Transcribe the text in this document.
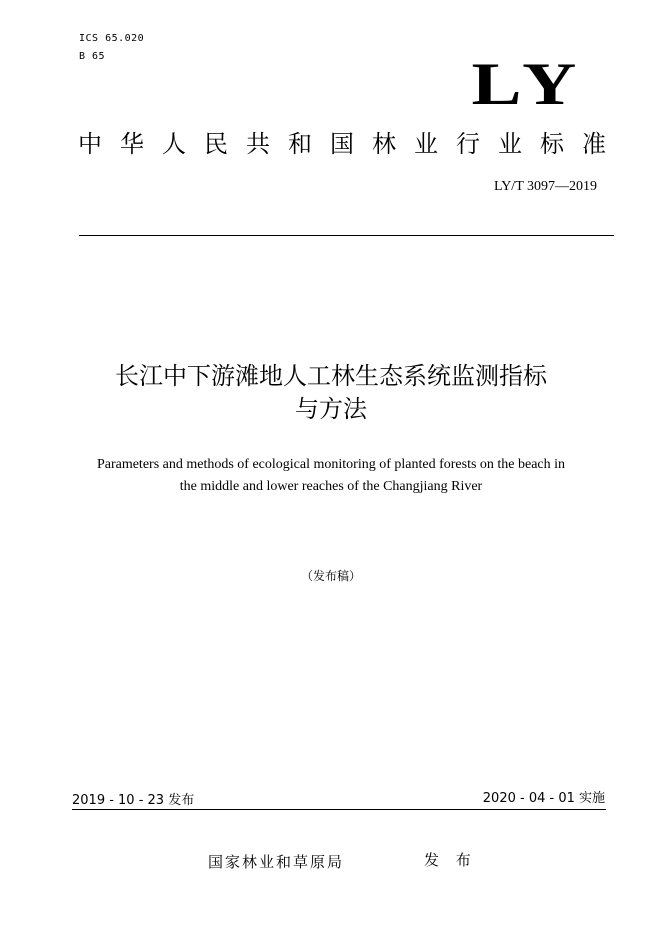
ICS 65.020
B 65	LY
中华人民共和国林业行业标准
LY/T 3097—2019
长江中下游滩地人工林生态系统监测指标
与方法
Parameters and methods of ecological monitoring of planted forests on the beach in
the middle and lower reaches of the Changjiang River
（发布稿）
2019 - 10 - 23 发布	2020 - 04 - 01 实施
国家林业和草原局	发 布
